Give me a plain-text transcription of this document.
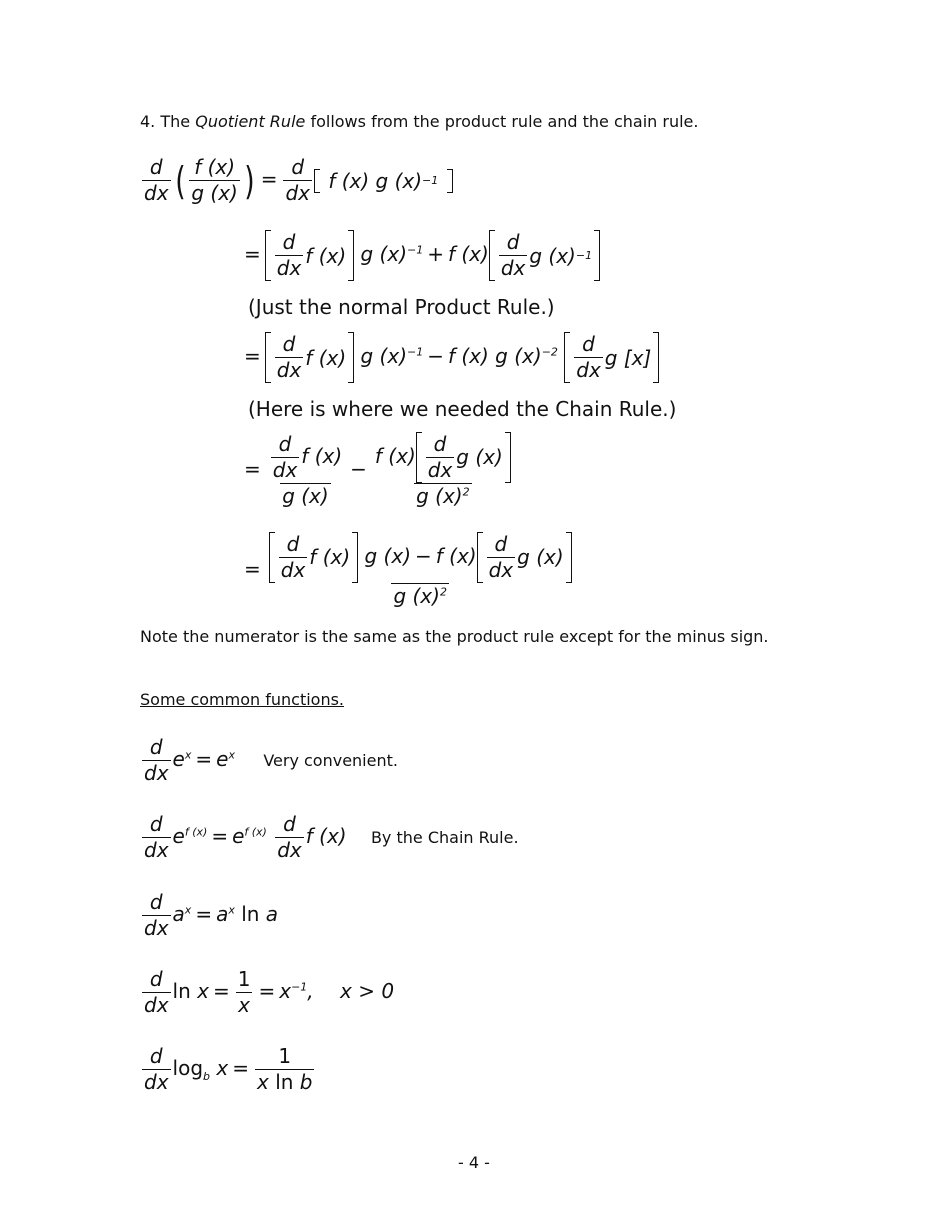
4. The Quotient Rule follows from the product rule and the chain rule.
$\frac{d}{dx}$ ( $\frac{f (x)}{g (x)}$ ) = $\frac{d}{dx}$ f (x) g (x) −1

= $\frac{d}{dx}$ f (x)
g $(x)^{-1} + f$ $(x) \frac{d}{dx}$ g (x) −1
(Just the normal Product Rule.)
= $\frac{d}{dx}$ f (x)
g $(x)^{-1} - f$ (x) g $(x)^{-2} \frac{d}{dx}$ g [x]
(Here is where we needed the Chain Rule.)
= $\frac{\frac{d}{dx} f (x)}{g (x)} - \frac{f (x) \frac{d}{dx} g (x)}{g (x)^2}$
= $\frac{d}{dx}$ f (x)
g (x) − f $(x) \frac{d}{dx}$ g (x)
g $(x)^2$
Note the numerator is the same as the product rule except for the minus sign.
Some common functions.
$\frac{d}{dx} e^x = e^x$ Very convenient.
$\frac{d}{dx} e^{f (x)} = e^{f (x)} \frac{d}{dx}$ f (x) By the Chain Rule.
$\frac{d}{dx} a^x = a^x$ ln a
$\frac{d}{dx}$ $\ln x = \frac{1}{x} = x^{-1}$, x > 0
$\frac{d}{dx} \log_b x = \frac{1}{\text{x ln b}}$
- 4 -
